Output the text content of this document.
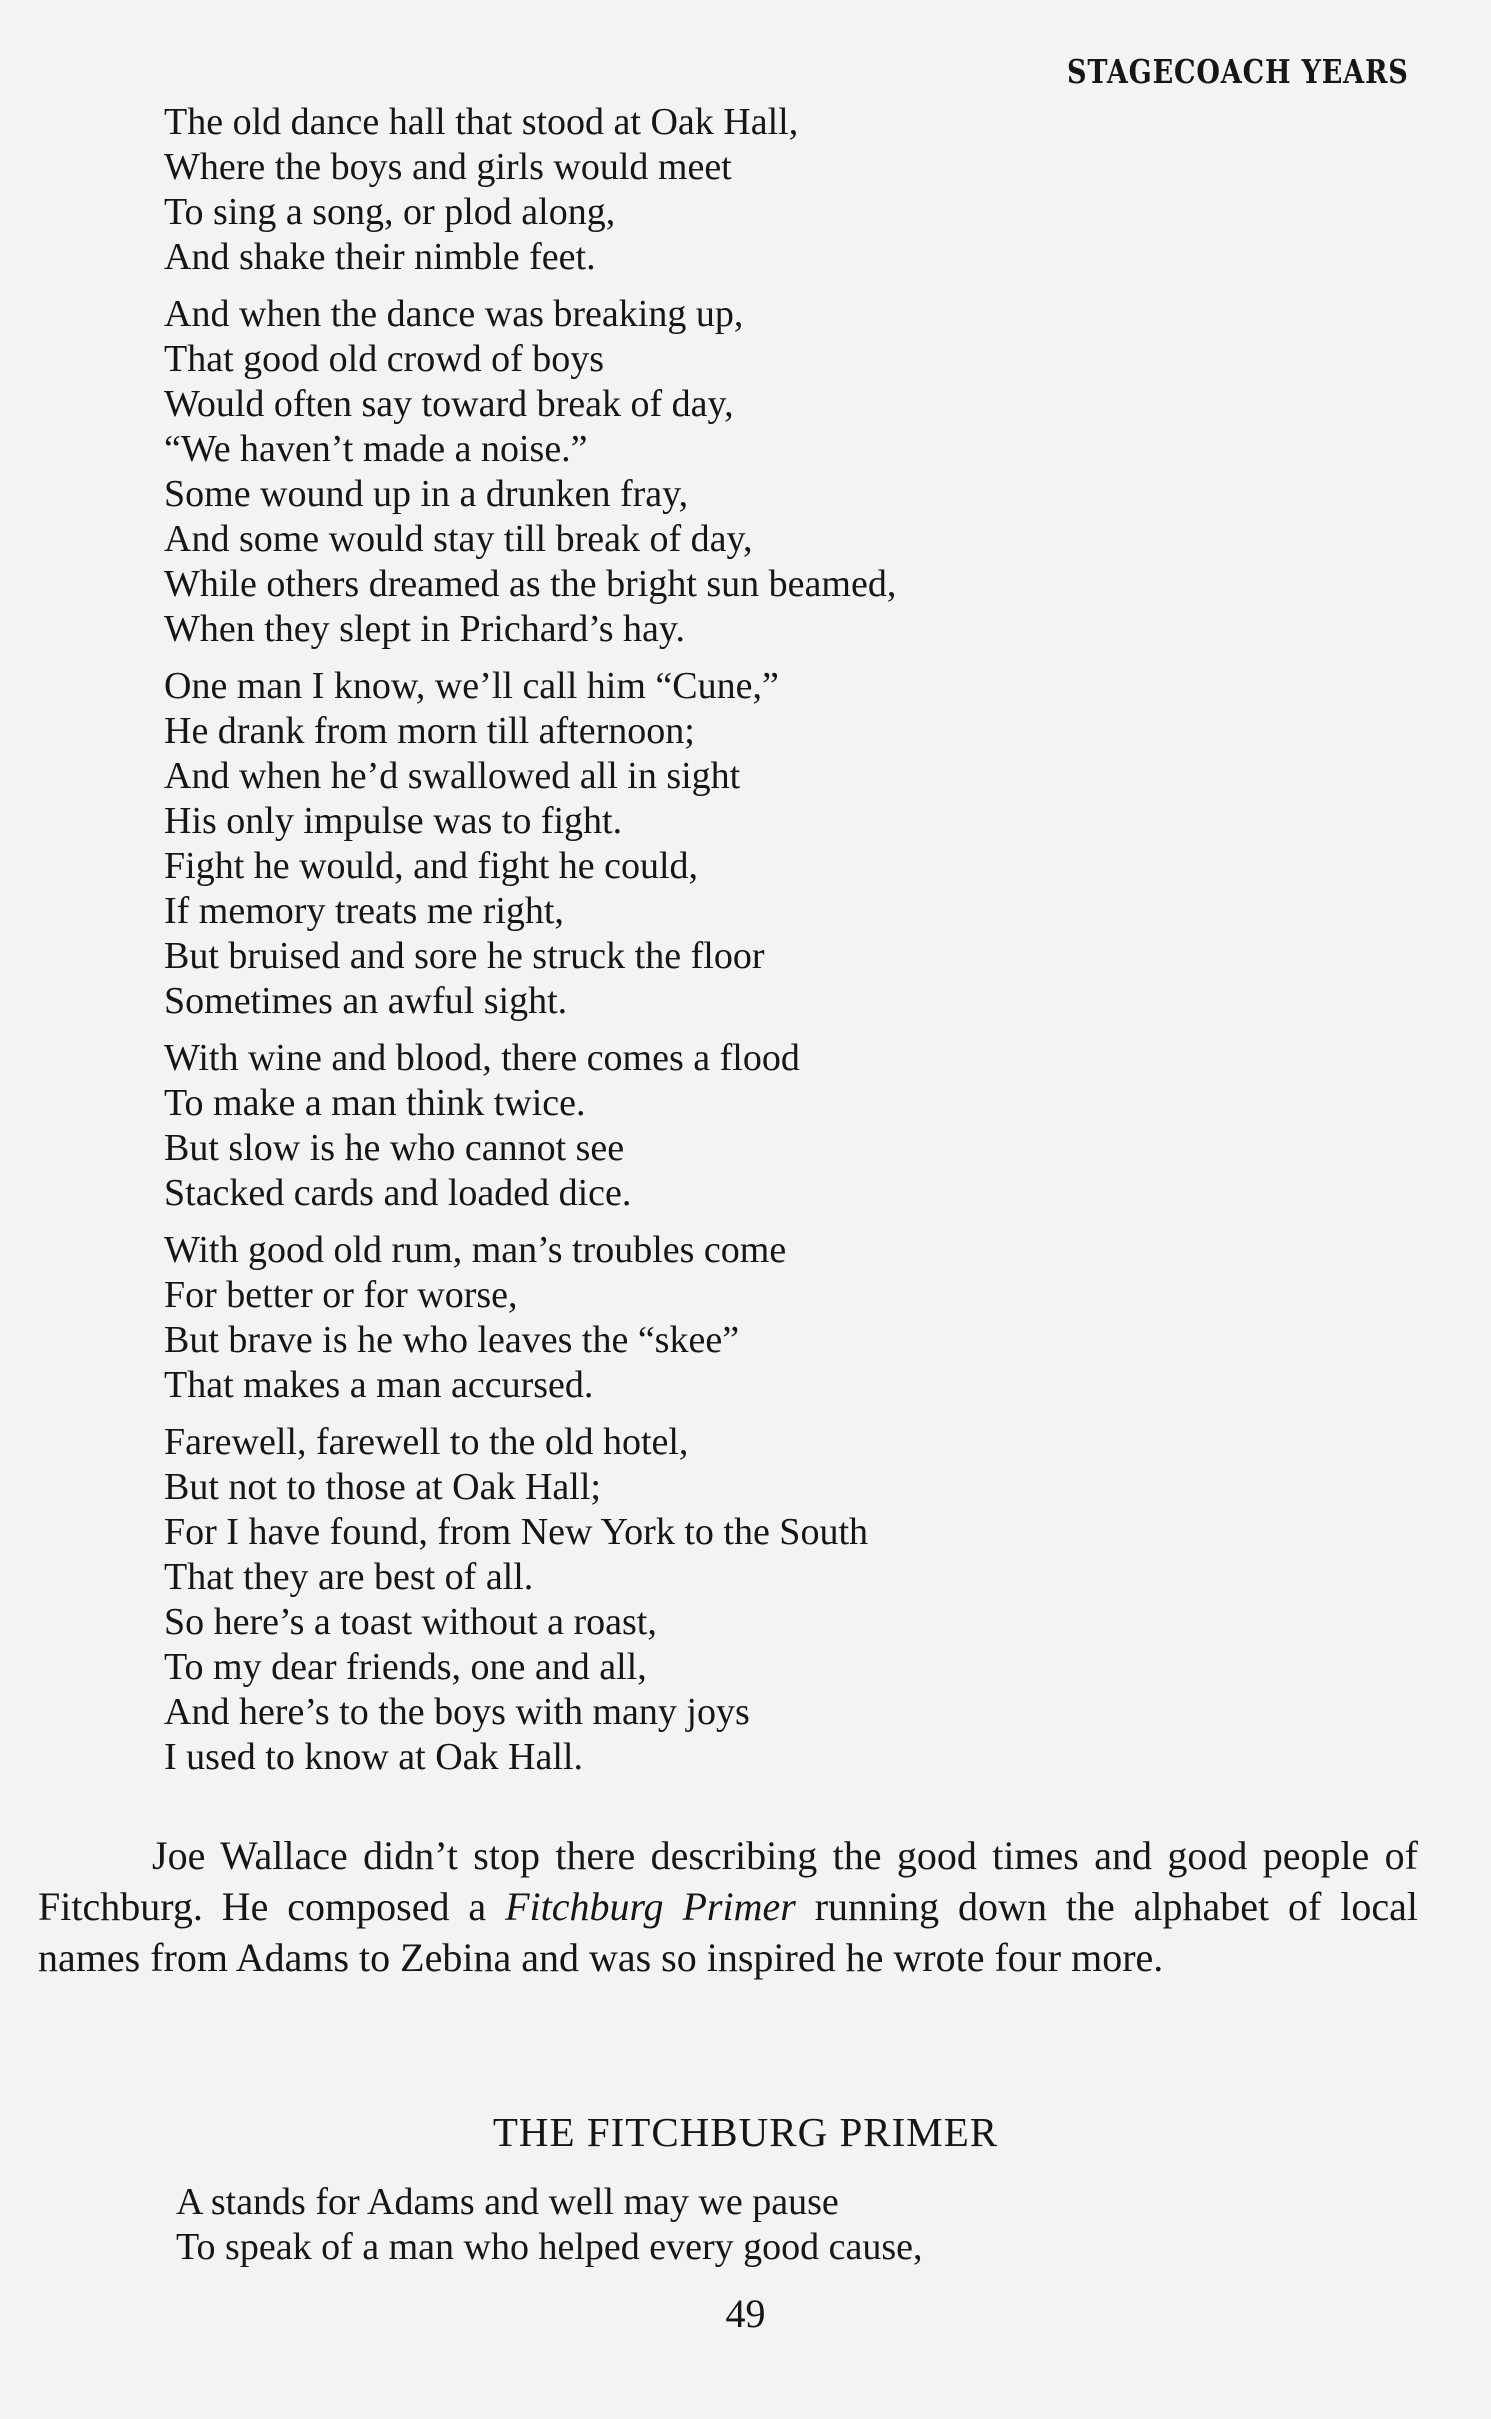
STAGECOACH YEARS
The old dance hall that stood at Oak Hall,
Where the boys and girls would meet
To sing a song, or plod along,
And shake their nimble feet.
And when the dance was breaking up,
That good old crowd of boys
Would often say toward break of day,
“We haven’t made a noise.”
Some wound up in a drunken fray,
And some would stay till break of day,
While others dreamed as the bright sun beamed,
When they slept in Prichard’s hay.
One man I know, we’ll call him “Cune,”
He drank from morn till afternoon;
And when he’d swallowed all in sight
His only impulse was to fight.
Fight he would, and fight he could,
If memory treats me right,
But bruised and sore he struck the floor
Sometimes an awful sight.
With wine and blood, there comes a flood
To make a man think twice.
But slow is he who cannot see
Stacked cards and loaded dice.
With good old rum, man’s troubles come
For better or for worse,
But brave is he who leaves the “skee”
That makes a man accursed.
Farewell, farewell to the old hotel,
But not to those at Oak Hall;
For I have found, from New York to the South
That they are best of all.
So here’s a toast without a roast,
To my dear friends, one and all,
And here’s to the boys with many joys
I used to know at Oak Hall.

Joe Wallace didn’t stop there describing the good times and good people of Fitchburg. He composed a Fitchburg Primer running down the alphabet of local names from Adams to Zebina and was so inspired he wrote four more.

THE FITCHBURG PRIMER
A stands for Adams and well may we pause
To speak of a man who helped every good cause,
49
